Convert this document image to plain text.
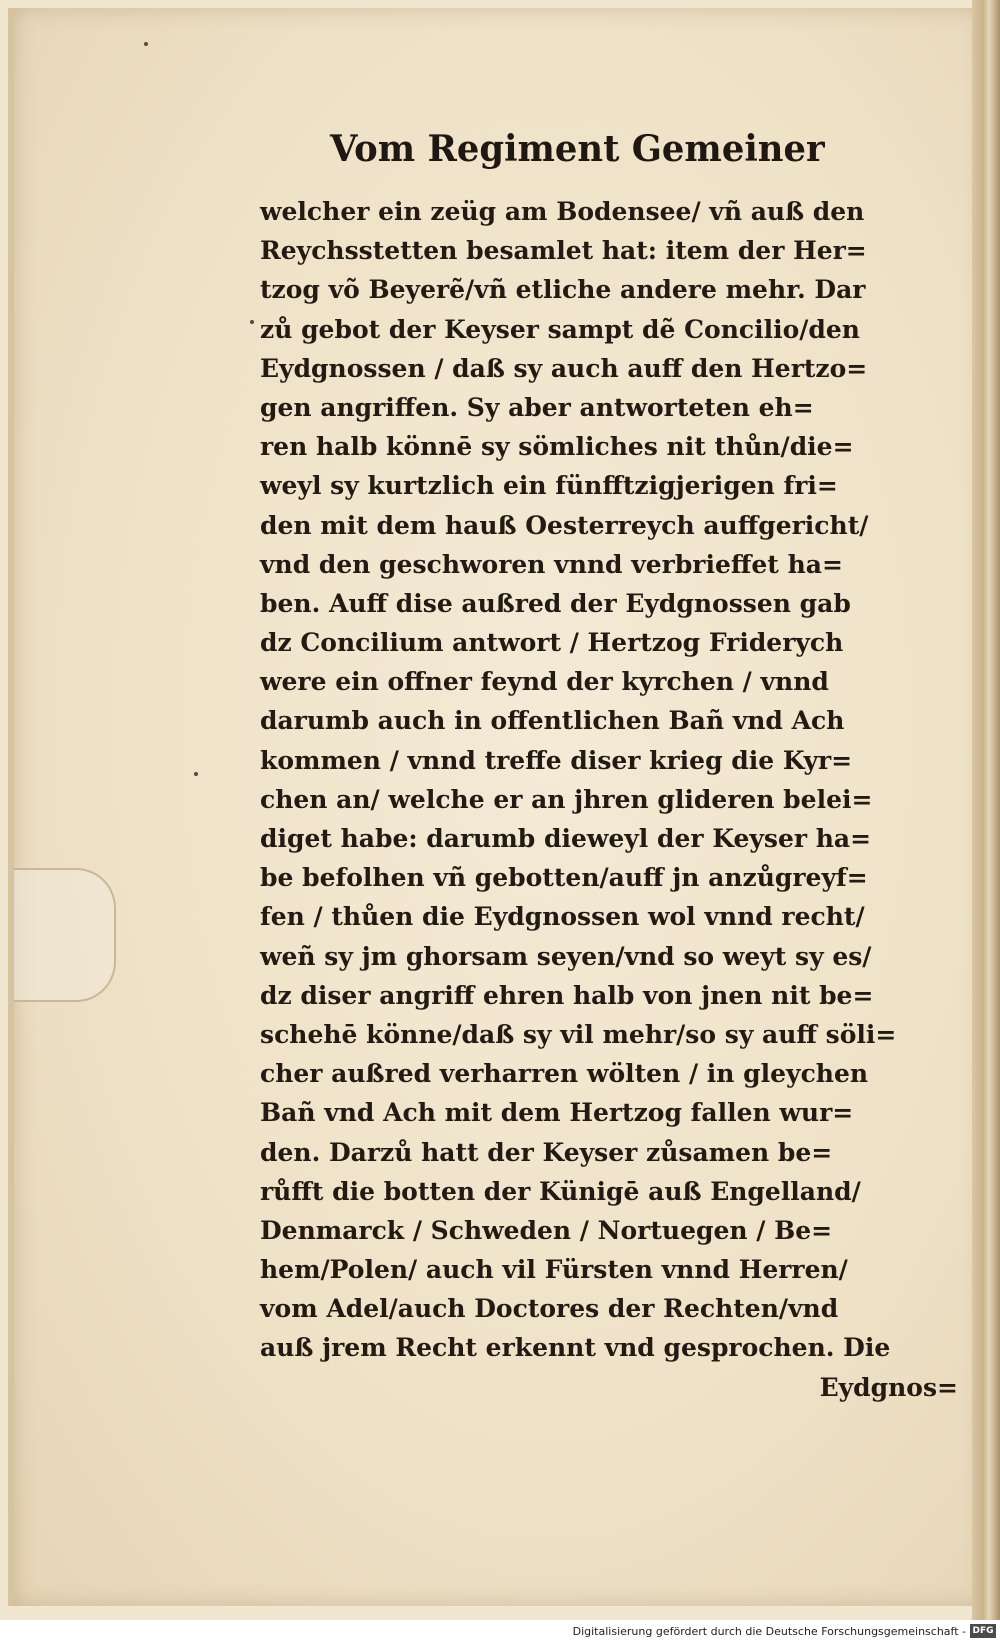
Vom Regiment Gemeiner
welcher ein zeüg am Bodensee/ vñ auß den
Reychsstetten besamlet hat: item der Her=
tzog võ Beyerẽ/vñ etliche andere mehr. Dar
zů gebot der Keyser sampt dẽ Concilio/den
Eydgnossen / daß sy auch auff den Hertzo=
gen angriffen. Sy aber antworteten eh=
ren halb könnē sy sömliches nit thůn/die=
weyl sy kurtzlich ein fünfftzigjerigen fri=
den mit dem hauß Oesterreych auffgericht/
vnd den geschworen vnnd verbrieffet ha=
ben. Auff dise außred der Eydgnossen gab
dz Concilium antwort / Hertzog Friderych
were ein offner feynd der kyrchen / vnnd
darumb auch in offentlichen Bañ vnd Ach
kommen / vnnd treffe diser krieg die Kyr=
chen an/ welche er an jhren glideren belei=
diget habe: darumb dieweyl der Keyser ha=
be befolhen vñ gebotten/auff jn anzůgreyf=
fen / thůen die Eydgnossen wol vnnd recht/
weñ sy jm ghorsam seyen/vnd so weyt sy es/
dz diser angriff ehren halb von jnen nit be=
schehē könne/daß sy vil mehr/so sy auff söli=
cher außred verharren wölten / in gleychen
Bañ vnd Ach mit dem Hertzog fallen wur=
den. Darzů hatt der Keyser zůsamen be=
růfft die botten der Künigē auß Engelland/
Denmarck / Schweden / Nortuegen / Be=
hem/Polen/ auch vil Fürsten vnnd Herren/
vom Adel/auch Doctores der Rechten/vnd
auß jrem Recht erkennt vnd gesprochen. Die
Eydgnos=
Digitalisierung gefördert durch die Deutsche Forschungsgemeinschaft - DFG
